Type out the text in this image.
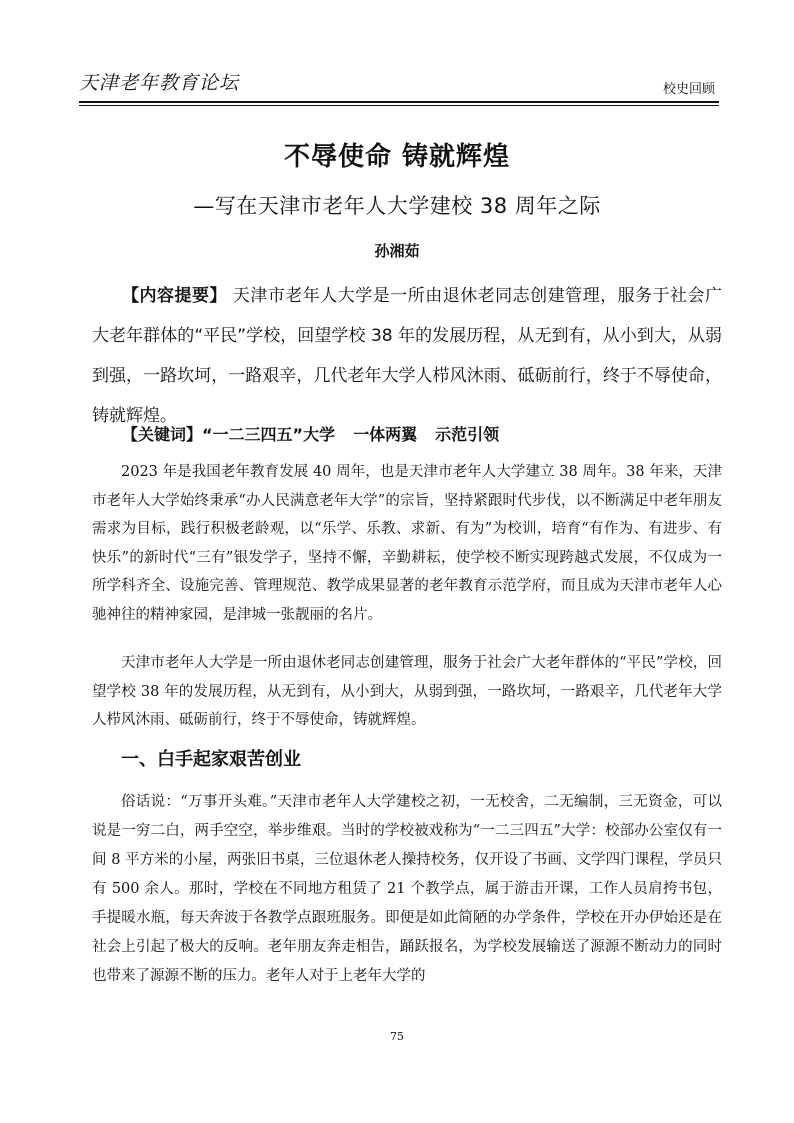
天津老年教育论坛	校史回顾
不辱使命 铸就辉煌
—写在天津市老年人大学建校 38 周年之际
孙湘茹
【内容提要】 天津市老年人大学是一所由退休老同志创建管理，服务于社会广大老年群体的“平民”学校，回望学校 38 年的发展历程，从无到有，从小到大，从弱到强，一路坎坷，一路艰辛，几代老年大学人栉风沐雨、砥砺前行，终于不辱使命，铸就辉煌。
【关键词】“一二三四五”大学 一体两翼 示范引领
2023 年是我国老年教育发展 40 周年，也是天津市老年人大学建立 38 周年。38 年来，天津市老年人大学始终秉承“办人民满意老年大学”的宗旨，坚持紧跟时代步伐，以不断满足中老年朋友需求为目标，践行积极老龄观，以“乐学、乐教、求新、有为”为校训，培育“有作为、有进步、有快乐”的新时代“三有”银发学子，坚持不懈，辛勤耕耘，使学校不断实现跨越式发展，不仅成为一所学科齐全、设施完善、管理规范、教学成果显著的老年教育示范学府，而且成为天津市老年人心驰神往的精神家园，是津城一张靓丽的名片。
天津市老年人大学是一所由退休老同志创建管理，服务于社会广大老年群体的“平民”学校，回望学校 38 年的发展历程，从无到有，从小到大，从弱到强，一路坎坷，一路艰辛，几代老年大学人栉风沐雨、砥砺前行，终于不辱使命，铸就辉煌。
一、白手起家艰苦创业
俗话说：“万事开头难。”天津市老年人大学建校之初，一无校舍，二无编制，三无资金，可以说是一穷二白，两手空空，举步维艰。当时的学校被戏称为“一二三四五”大学：校部办公室仅有一间 8 平方米的小屋，两张旧书桌，三位退休老人操持校务，仅开设了书画、文学四门课程，学员只有 500 余人。那时，学校在不同地方租赁了 21 个教学点，属于游击开课，工作人员肩挎书包，手提暖水瓶，每天奔波于各教学点跟班服务。即便是如此简陋的办学条件，学校在开办伊始还是在社会上引起了极大的反响。老年朋友奔走相告，踊跃报名，为学校发展输送了源源不断动力的同时也带来了源源不断的压力。老年人对于上老年大学的
75
